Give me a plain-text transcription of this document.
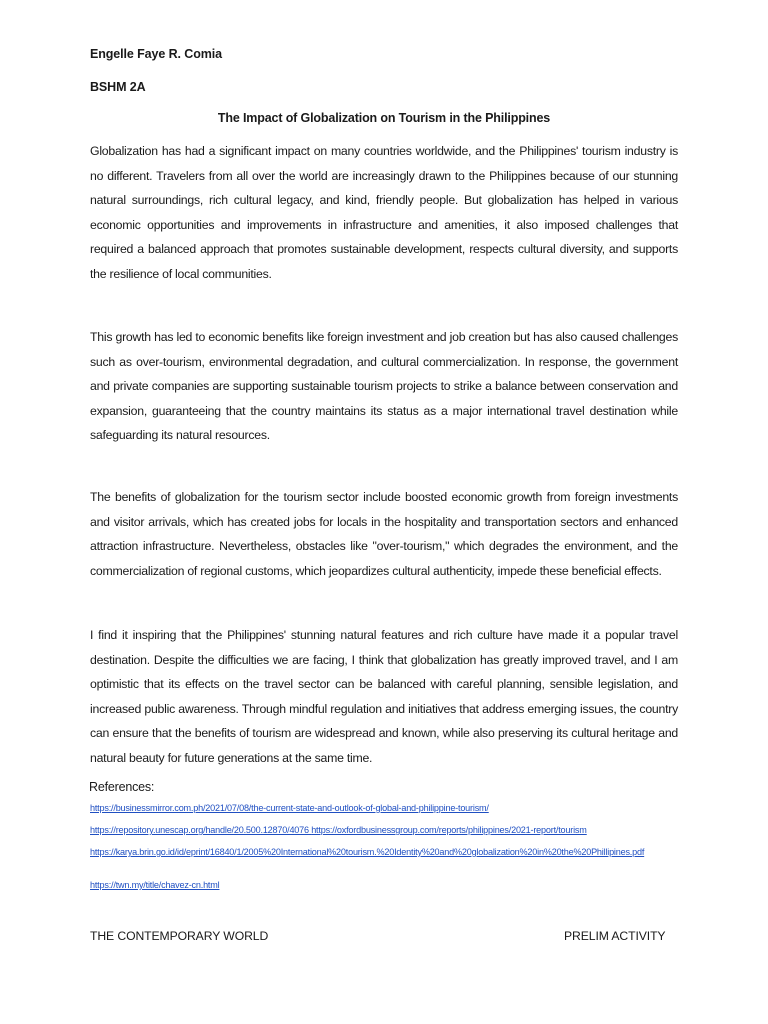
Engelle Faye R. Comia
BSHM 2A
The Impact of Globalization on Tourism in the Philippines

Globalization has had a significant impact on many countries worldwide, and the Philippines' tourism industry is no different. Travelers from all over the world are increasingly drawn to the Philippines because of our stunning natural surroundings, rich cultural legacy, and kind, friendly people. But globalization has helped in various economic opportunities and improvements in infrastructure and amenities, it also imposed challenges that required a balanced approach that promotes sustainable development, respects cultural diversity, and supports the resilience of local communities.

This growth has led to economic benefits like foreign investment and job creation but has also caused challenges such as over-tourism, environmental degradation, and cultural commercialization. In response, the government and private companies are supporting sustainable tourism projects to strike a balance between conservation and expansion, guaranteeing that the country maintains its status as a major international travel destination while safeguarding its natural resources.

The benefits of globalization for the tourism sector include boosted economic growth from foreign investments and visitor arrivals, which has created jobs for locals in the hospitality and transportation sectors and enhanced attraction infrastructure. Nevertheless, obstacles like "over-tourism," which degrades the environment, and the commercialization of regional customs, which jeopardizes cultural authenticity, impede these beneficial effects.

I find it inspiring that the Philippines' stunning natural features and rich culture have made it a popular travel destination. Despite the difficulties we are facing, I think that globalization has greatly improved travel, and I am optimistic that its effects on the travel sector can be balanced with careful planning, sensible legislation, and increased public awareness. Through mindful regulation and initiatives that address emerging issues, the country can ensure that the benefits of tourism are widespread and known, while also preserving its cultural heritage and natural beauty for future generations at the same time.

References:
https://businessmirror.com.ph/2021/07/08/the-current-state-and-outlook-of-global-and-philippine-tourism/
https://repository.unescap.org/handle/20.500.12870/4076 https://oxfordbusinessgroup.com/reports/philippines/2021-report/tourism
https://karya.brin.go.id/id/eprint/16840/1/2005%20International%20tourism.%20Identity%20and%20globalization%20in%20the%20Phillipines.pdf
https://twn.my/title/chavez-cn.html
THE CONTEMPORARY WORLD	PRELIM ACTIVITY
